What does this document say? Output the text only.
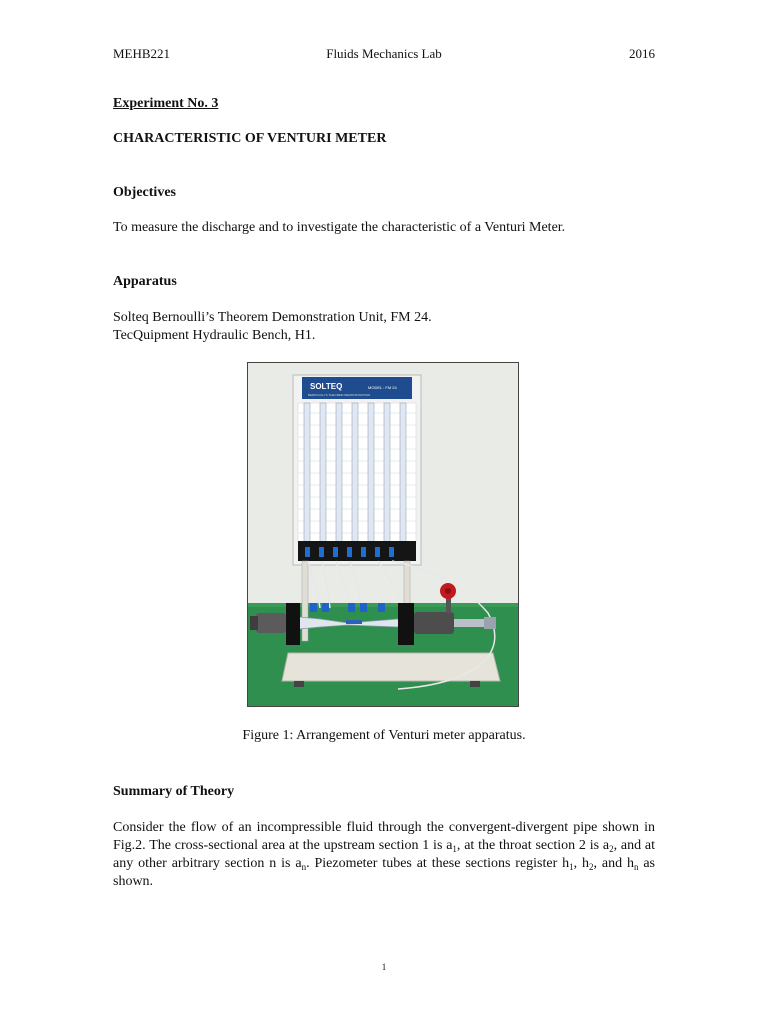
MEHB221	Fluids Mechanics Lab	2016
Experiment No. 3
CHARACTERISTIC OF VENTURI METER
Objectives
To measure the discharge and to investigate the characteristic of a Venturi Meter.
Apparatus
Solteq Bernoulli’s Theorem Demonstration Unit, FM 24.
TecQuipment Hydraulic Bench, H1.
SOLTEQ	MODEL : FM 24
BERNOULLI'S THEOREM DEMONSTRATION
Figure 1: Arrangement of Venturi meter apparatus.
Summary of Theory
Consider the flow of an incompressible fluid through the convergent-divergent pipe shown in Fig.2. The cross-sectional area at the upstream section 1 is $a_1$, at the throat section 2 is $a_2$, and at any other arbitrary section n is $a_n$. Piezometer tubes at these sections register $h_1$, $h_2$, and $h_n$ as shown.
1
